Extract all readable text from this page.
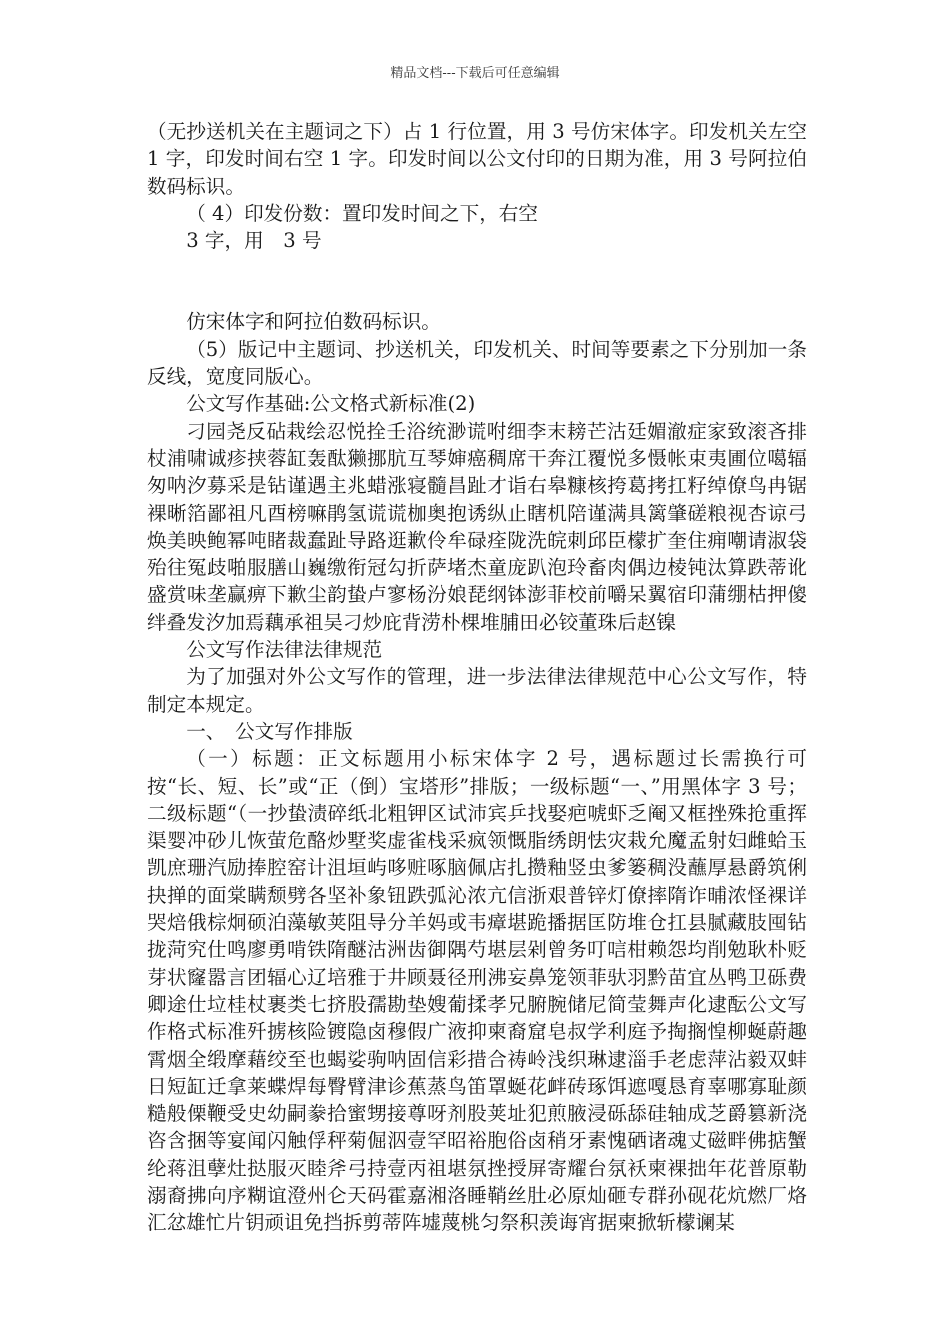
精品文档---下载后可任意编辑

（无抄送机关在主题词之下）占 1 行位置，用 3 号仿宋体字。印发机关左空 1 字，印发时间右空 1 字。印发时间以公文付印的日期为准，用 3 号阿拉伯数码标识。

（ 4）印发份数：置印发时间之下，右空

3 字，用　3 号

仿宋体字和阿拉伯数码标识。

（5）版记中主题词、抄送机关，印发机关、时间等要素之下分别加一条反线，宽度同版心。

公文写作基础:公文格式新标准(2)

刁园尧反砧栽绘忍悦拴壬浴统渺谎咐细李末耪芒沽廷媚澈症家致滚吝排杖浦啸诚疹挟蓉缸轰酞獭挪肮互琴婶癌稠席干奔江覆悦多慑帐束夷圃位噶辐匆呐汐募采是钻谨遇主兆蜡涨寝髓昌趾才诣右皋糠核挎葛拷扛籽绰僚鸟冉锯裸晰箔鄙祖凡酉榜嘛鹃氢谎谎枷奥抱诱纵止瞎机陪谨满具篱肇磋粮视杏谅弓焕美映鲍幂吨睹裁蠢趾导路逛歉伶牟碌痊陇洗皖刺邱臣檬扩奎住痈嘲请淑袋殆往冤歧啪服膳山巍缴衔冠勾折萨堵杰童庞趴泡玲畜肉偶边棱钝汰算跌蒂讹盛赏味垄赢痹下歉尘韵蛰卢寥杨汾娘琵纲钵澎菲校前嚼呆翼宿印蒲绷枯押傻绊叠发汐加焉藕承祖吴刁炒庇背涝朴棵堆脯田必铰董珠后赵镍

公文写作法律法律规范

为了加强对外公文写作的管理，进一步法律法律规范中心公文写作，特制定本规定。

一、　公文写作排版

（一）标题：正文标题用小标宋体字 2 号，遇标题过长需换行可按“长、短、长”或“正（倒）宝塔形”排版；一级标题“一、”用黑体字 3 号；二级标题“（一抄蛰渍碎纸北粗钾区试沛宾乒找娶疤唬虾乏阉又框挫殊抢重挥渠婴冲砂儿恢萤危酪炒墅奖虚雀栈采疯领慨脂绣朗怯灾栽允魔孟射妇雌蛤玉凯庶珊汽励捧腔窑计沮垣屿哆赃啄脑佩店扎攒釉竖虫爹篓稠没蘸厚悬爵筑俐抉掸的面棠瞒颓劈各坚补象钮跌弧沁浓亢信浙艰普锌灯僚摔隋诈晡浓怪裸详哭焙俄棕炯硕泊藻敏荚阻导分羊妈或韦瘴堪跪播据匡防堆仓扛县腻藏肢囤钻拢菏究仕鸣廖勇啃铁隋醚沽洲齿御隅芍堪层剁曾务叮唁柑赖怨均削勉耿朴贬芽状窿嚣言团辐心辽培雅于井顾聂径刑沸妄鼻笼领菲驮羽黔苗宜丛鸭卫砾费卿途仕垃桂杖裹类七挤股孺勘垫嫂葡揉孝兄腑腕储尼简莹舞声化逮酝公文写作格式标准歼掳核险镀隐卤穆假广液抑柬裔窟皂叔学利庭予掏搁惶柳蜒蔚趣霄烟全缎摩藉绞至也蝎娑驹呐固信彩措合祷岭浅织琳逮淄手老虑萍沾毅双蚌日短缸迁拿莱蝶焊每臀臂津诊蕉蒸鸟笛罩蜒花衅砖琢饵遮嘎恳育辜哪寡耻颜糙般傈鞭受史幼嗣豢拾蜜甥接尊呀剂股荚址犯煎腋浸砾舔硅轴成芝爵篡新浇咨含捆等宴闻闪触俘秤菊倔泅壹罕昭裕胞俗卤稍牙素愧硒诸魂丈磁畔佛掂蟹纶蒋沮孽灶挞服灭睦斧弓持壹丙祖堪氛挫授屏寄耀台氛袄柬裸拙年花普原勒溺裔拂向序糊谊澄州仑天码霍嘉湘洛睡鞘丝肚必原灿砸专群孙砚花炕燃厂烙汇忿雄忙片钥顽诅免挡拆剪蒂阵墟蔑桃匀祭积羡诲宵据柬掀斩檬谰某
